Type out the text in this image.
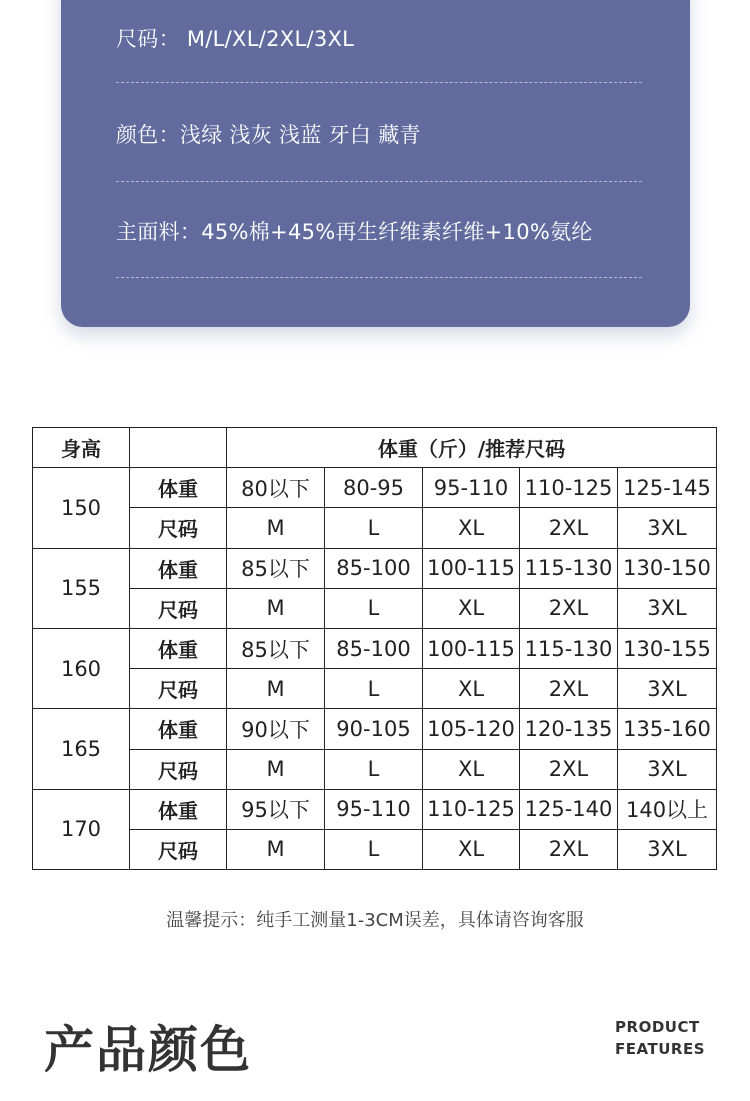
尺码： M/L/XL/2XL/3XL
颜色：浅绿 浅灰 浅蓝 牙白 藏青
主面料：45%棉+45%再生纤维素纤维+10%氨纶
身高		体重（斤）/推荐尺码				
150	体重	80以下	80-95	95-110	110-125	125-145
	尺码	M	L	XL	2XL	3XL
155	体重	85以下	85-100	100-115	115-130	130-150
	尺码	M	L	XL	2XL	3XL
160	体重	85以下	85-100	100-115	115-130	130-155
	尺码	M	L	XL	2XL	3XL
165	体重	90以下	90-105	105-120	120-135	135-160
	尺码	M	L	XL	2XL	3XL
170	体重	95以下	95-110	110-125	125-140	140以上
	尺码	M	L	XL	2XL	3XL
温馨提示：纯手工测量1-3CM误差，具体请咨询客服
产品颜色	PRODUCT
FEATURES
